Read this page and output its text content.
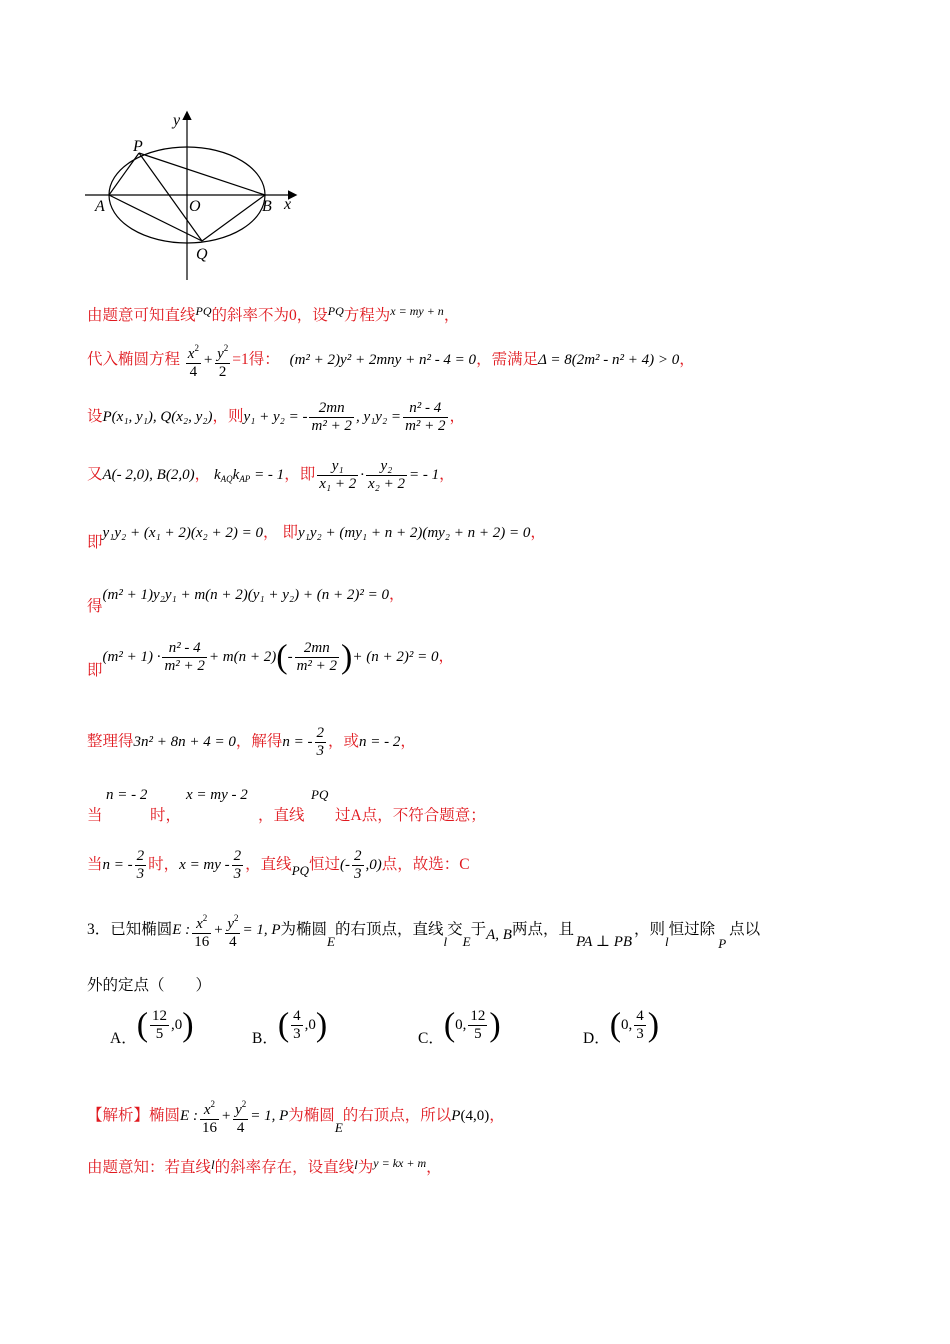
y
P
A	O	B x
Q
由题意可知直线$^{PQ}$的斜率不为0，设$^{PQ}$方程为$^{x = my + n}$，
代入椭圆方程 $\frac{x^2}{4} + \frac{y^2}{2} =1$得： (m² + 2)y² + 2mny + n² - 4 = 0，需满足Δ = 8(2m² - n² + 4) > 0，
设P(x₁, y₁), Q(x₂, y₂)，则y₁ + y₂ = - $\frac{2mn}{\text{m² + 2}}$ , $y_1y_2 = \frac{\text{n² - 4}}{\text{m² + 2}}$ ，
又A(- 2,0), B(2,0)， $k_{AQ}k_{AP}$ = - 1，即 $\frac{\text{y₁}}{\text{x₁ + 2}} \cdot \frac{\text{y₂}}{\text{x₂ + 2}}$ = - 1，
即y₁y₂ + (x₁ + 2)(x₂ + 2) = 0， 即y₁y₂ + (my₁ + n + 2)(my₂ + n + 2) = 0，
得(m² + 1)y₂y₁ + m(n + 2)(y₁ + y₂) + (n + 2)² = 0，
即$(m^2 + 1) \cdot \frac{\text{n² - 4}}{\text{m² + 2}} + m(n + 2)(- \frac{2mn}{\text{m² + 2}}$ )+ (n + 2)² = 0，
整理得3n² + 8n + 4 = 0，解得n = - $\frac{2}{3}$ ，或n = - 2，
当
n = - 2
时，
x = my - 2
，直线
PQ
过A点，不符合题意；
当n = - $\frac{2}{3}$ 时，x = my - $\frac{2}{3}$ ，直线$_{PQ}$恒过(- $\frac{2}{3} ,0$)点，故选：C
3．已知椭圆E : $\frac{x^2}{16} + \frac{y^2}{4} = 1$, P为椭圆$_E$的右顶点，直线$_l$交$_E$于A, B两点，且PA ⊥ PB，则$_l$恒过除$_P$点以
外的定点（　　）
A．( $\frac{12}{5} ,0$)	B．( $\frac{4}{3} ,0$)	C．(0, $\frac{12}{5}$ )	D．(0, $\frac{4}{3}$ )
【解析】椭圆E : $\frac{x^2}{16} + \frac{y^2}{4} = 1$, P为椭圆$_E$的右顶点，所以P(4,0)，
由题意知：若直线l的斜率存在，设直线l为$^{y = kx + m}$，
